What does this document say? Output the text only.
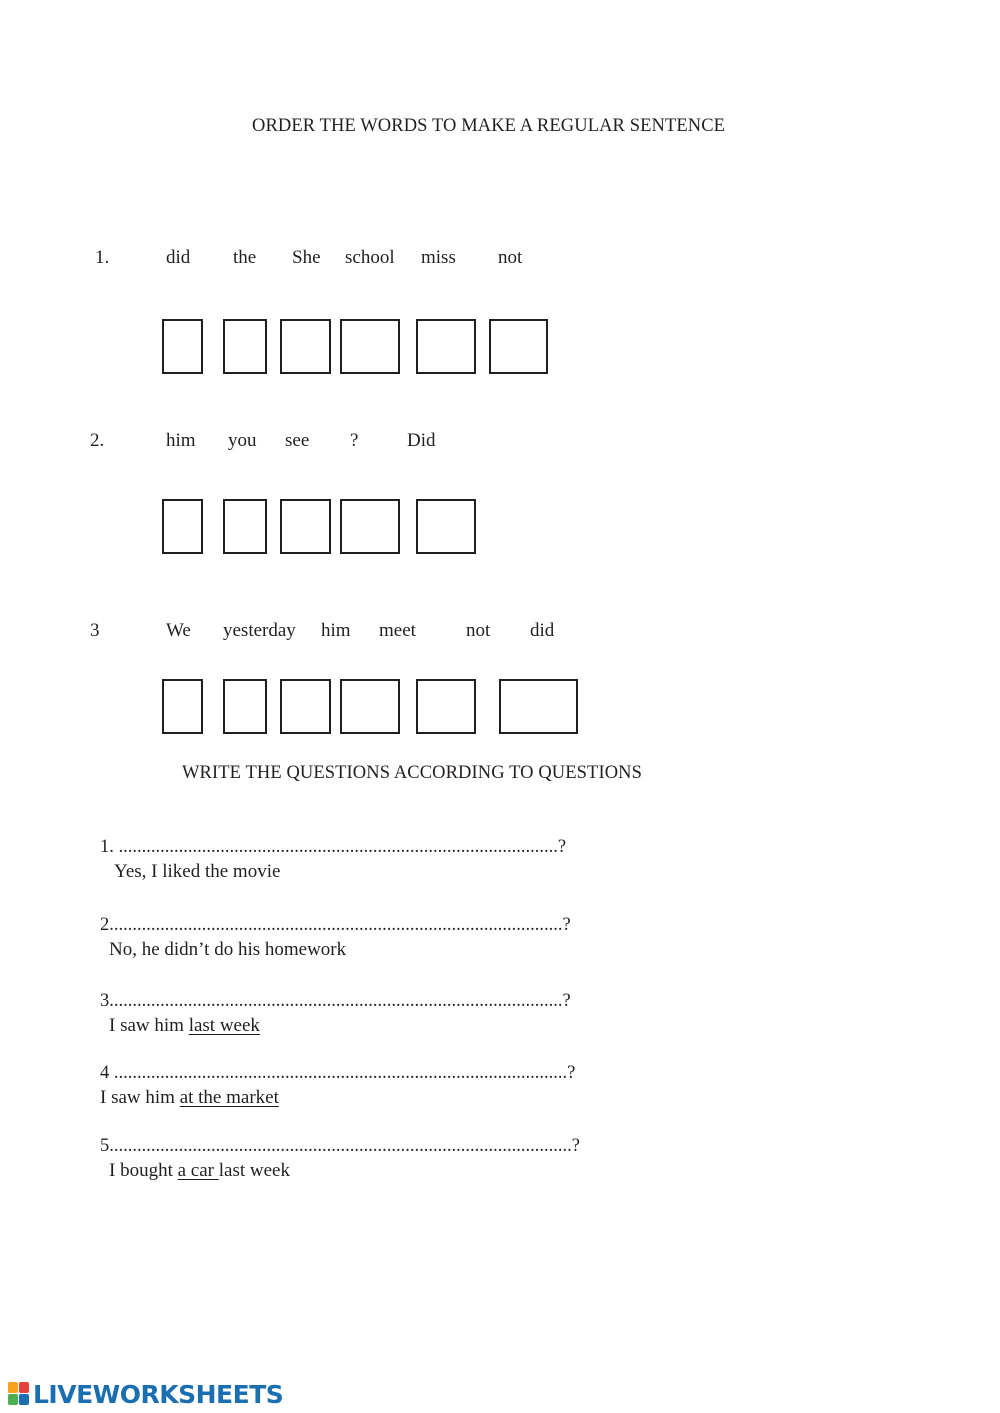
ORDER THE WORDS TO MAKE A REGULAR SENTENCE
1.	did the She school miss not
2.	him you see ?	Did
3	We yesterday him meet	not did
WRITE THE QUESTIONS ACCORDING TO QUESTIONS
1. ...............................................................................................?
Yes, I liked the movie
2..................................................................................................?
No, he didn’t do his homework
3..................................................................................................?
I saw him last week
4 ..................................................................................................?
I saw him at the market
5....................................................................................................?
I bought a car last week
LIVEWORKSHEETS
